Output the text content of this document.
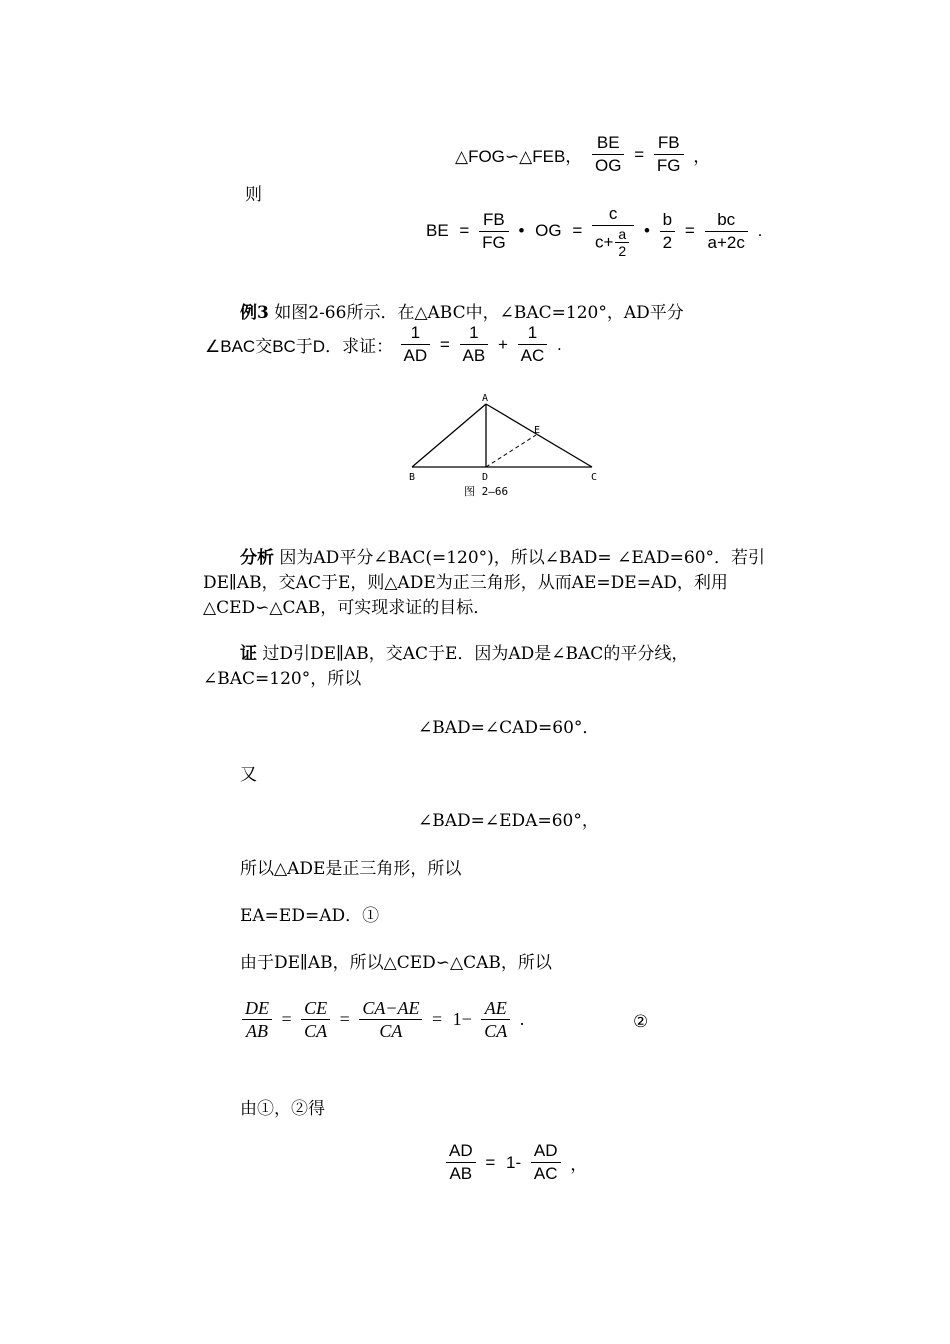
△FOG∽△FEB， $\frac{BE}{OG} = \frac{FB}{FG}$ ，
则
BE = $\frac{FB}{FG}$ • OG = $\frac{c}{c+ \frac{a}{2}}$ • $\frac{b}{2} = \frac{bc}{a+2c}$ .
例3 如图2-66所示．在△ABC中，∠BAC=120°，AD平分
∠BAC交BC于D．求证： $\frac{1}{AD} = \frac{1}{AB} + \frac{1}{AC}$ .
A
B	C
D
E
图 2—66
分析 因为AD平分∠BAC(=120°)，所以∠BAD= ∠EAD=60°．若引
DE∥AB，交AC于E，则△ADE为正三角形，从而AE=DE=AD，利用
△CED∽△CAB，可实现求证的目标．
证 过D引DE∥AB，交AC于E．因为AD是∠BAC的平分线，
∠BAC=120°，所以
∠BAD=∠CAD=60°．
又
∠BAD=∠EDA=60°，
所以△ADE是正三角形，所以
EA=ED=AD．①
由于DE∥AB，所以△CED∽△CAB，所以
$\frac{DE}{AB} = \frac{CE}{CA} = \frac{CA-AE}{CA} = 1- \frac{AE}{CA}$ .	②
由①，②得
$\frac{AD}{AB} = 1- \frac{AD}{AC}$ ，
